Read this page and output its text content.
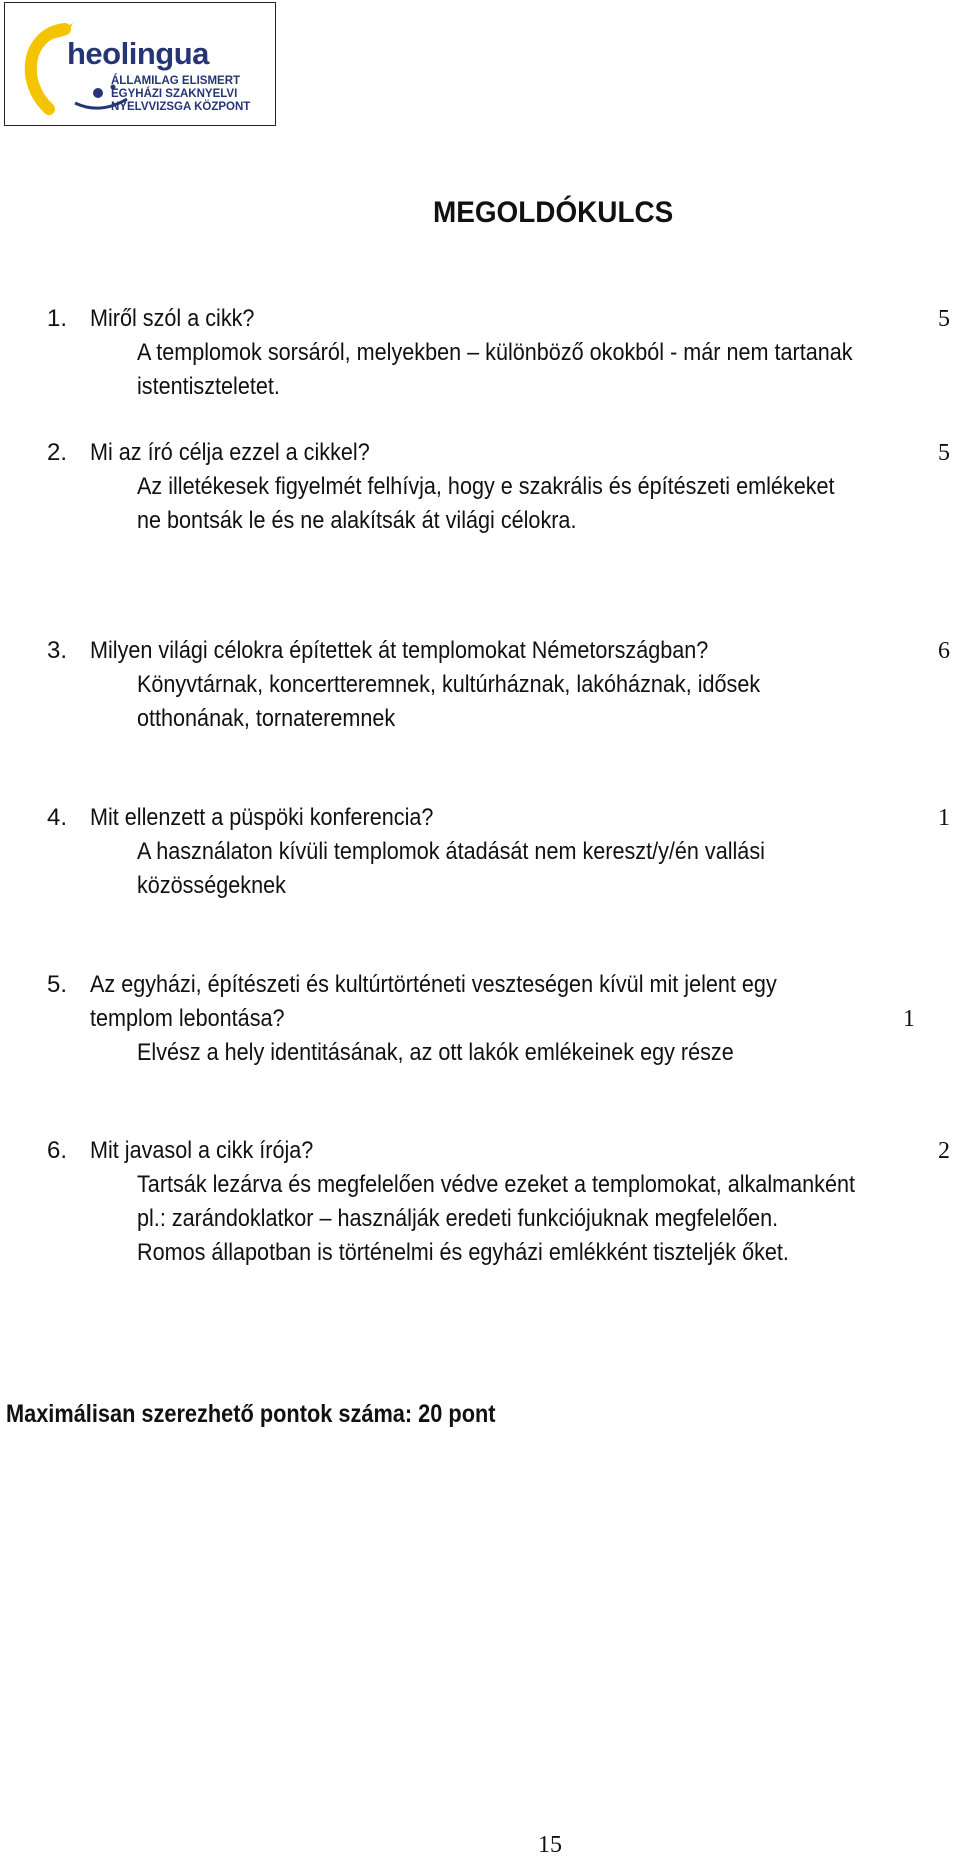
heolingua
ÁLLAMILAG ELISMERT
EGYHÁZI SZAKNYELVI
NYELVVIZSGA KÖZPONT
MEGOLDÓKULCS
1. Miről szól a cikk?	5
A templomok sorsáról, melyekben – különböző okokból - már nem tartanak
istentiszteletet.
2. Mi az író célja ezzel a cikkel?	5
Az illetékesek figyelmét felhívja, hogy e szakrális és építészeti emlékeket
ne bontsák le és ne alakítsák át világi célokra.
3. Milyen világi célokra építettek át templomokat Németországban?	6
Könyvtárnak, koncertteremnek, kultúrháznak, lakóháznak, idősek
otthonának, tornateremnek
4. Mit ellenzett a püspöki konferencia?	1
A használaton kívüli templomok átadását nem kereszt/y/én vallási
közösségeknek
5. Az egyházi, építészeti és kultúrtörténeti veszteségen kívül mit jelent egy
templom lebontása?	1
Elvész a hely identitásának, az ott lakók emlékeinek egy része
6. Mit javasol a cikk írója?	2
Tartsák lezárva és megfelelően védve ezeket a templomokat, alkalmanként
pl.: zarándoklatkor – használják eredeti funkciójuknak megfelelően.
Romos állapotban is történelmi és egyházi emlékként tiszteljék őket.
Maximálisan szerezhető pontok száma: 20 pont
15
